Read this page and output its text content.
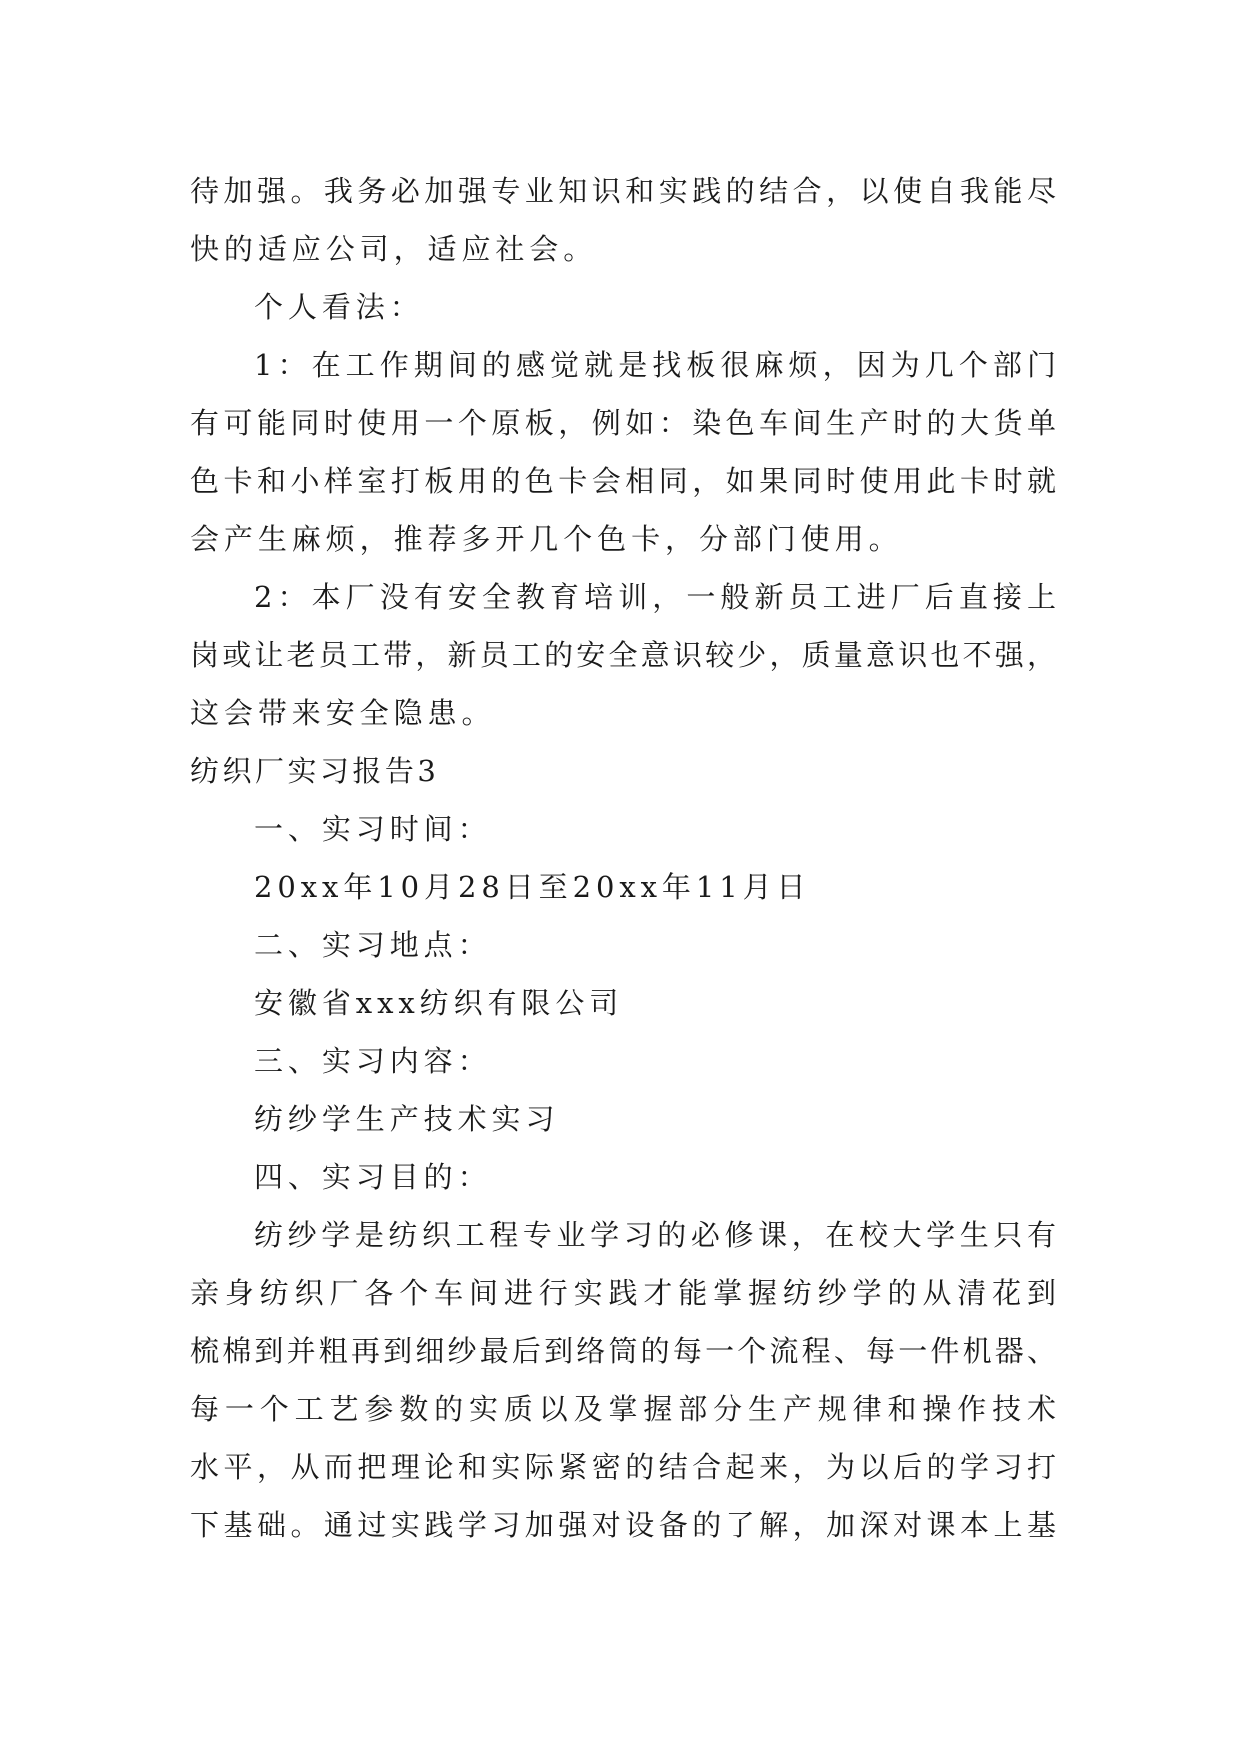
待加强。我务必加强专业知识和实践的结合，以使自我能尽
快的适应公司，适应社会。
个人看法：
1：在工作期间的感觉就是找板很麻烦，因为几个部门
有可能同时使用一个原板，例如：染色车间生产时的大货单
色卡和小样室打板用的色卡会相同，如果同时使用此卡时就
会产生麻烦，推荐多开几个色卡，分部门使用。
2：本厂没有安全教育培训，一般新员工进厂后直接上
岗或让老员工带，新员工的安全意识较少，质量意识也不强，
这会带来安全隐患。
纺织厂实习报告3
一、实习时间：
20xx年10月28日至20xx年11月日
二、实习地点：
安徽省xxx纺织有限公司
三、实习内容：
纺纱学生产技术实习
四、实习目的：
纺纱学是纺织工程专业学习的必修课，在校大学生只有
亲身纺织厂各个车间进行实践才能掌握纺纱学的从清花到
梳棉到并粗再到细纱最后到络筒的每一个流程、每一件机器、
每一个工艺参数的实质以及掌握部分生产规律和操作技术
水平，从而把理论和实际紧密的结合起来，为以后的学习打
下基础。通过实践学习加强对设备的了解，加深对课本上基
